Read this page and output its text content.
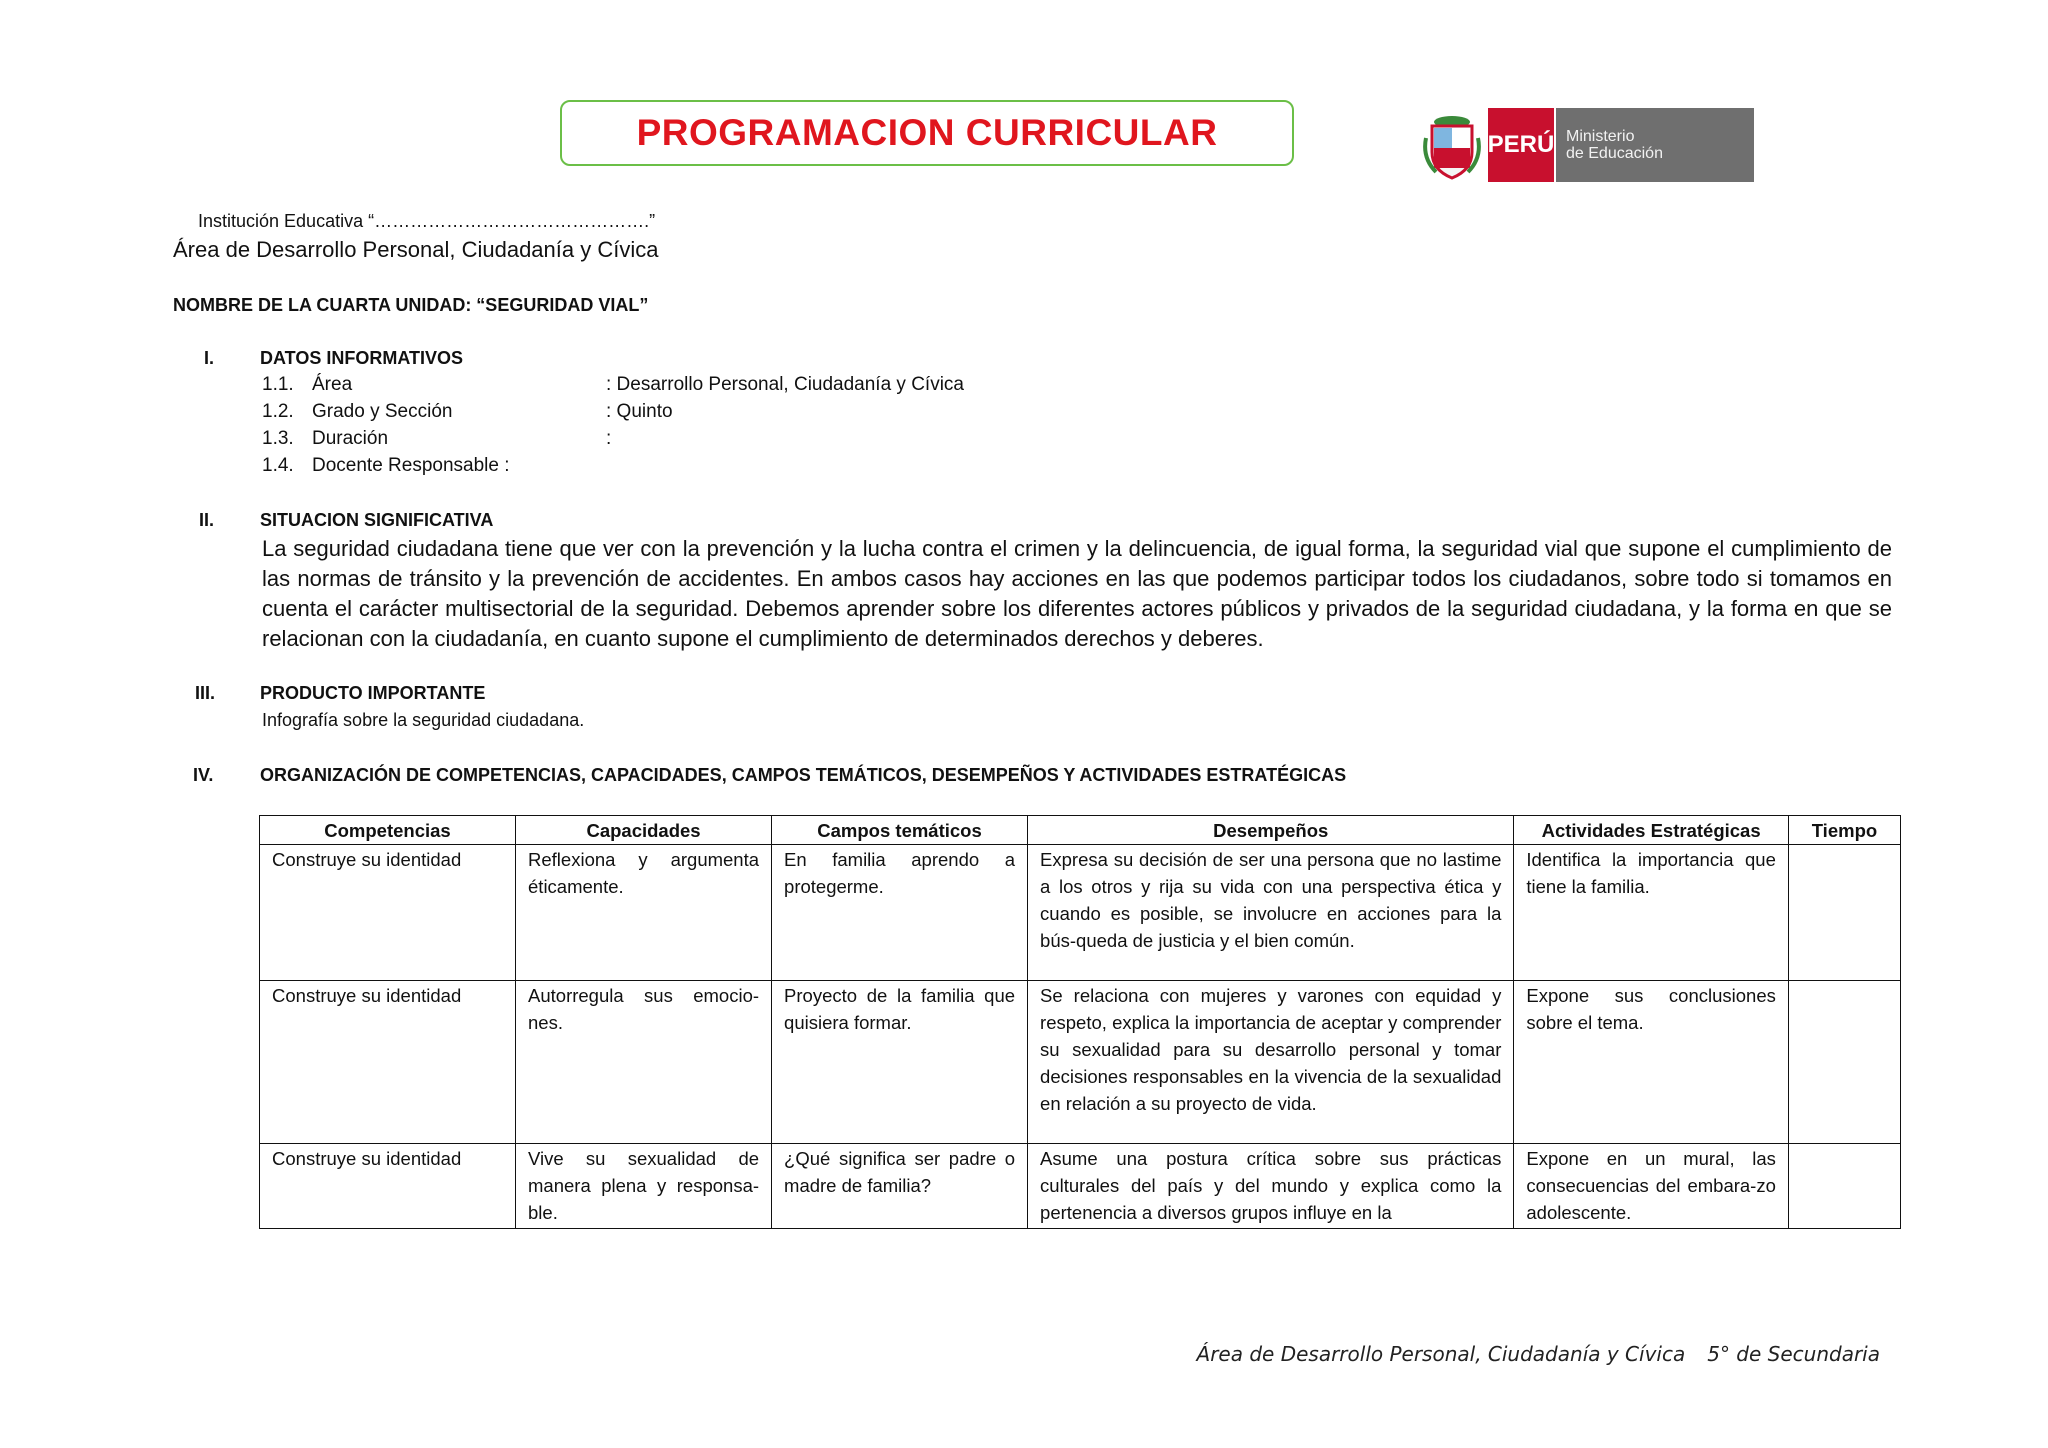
PROGRAMACION CURRICULAR	PERÚ Ministerio
de Educación
Institución Educativa “……………………………………….”
Área de Desarrollo Personal, Ciudadanía y Cívica
NOMBRE DE LA CUARTA UNIDAD: “SEGURIDAD VIAL”
I.	DATOS INFORMATIVOS
1.1. Área	: Desarrollo Personal, Ciudadanía y Cívica
1.2. Grado y Sección	: Quinto
1.3. Duración	:
1.4. Docente Responsable :
II.	SITUACION SIGNIFICATIVA
La seguridad ciudadana tiene que ver con la prevención y la lucha contra el crimen y la delincuencia, de igual forma, la seguridad vial que supone el cumplimiento de las normas de tránsito y la prevención de accidentes. En ambos casos hay acciones en las que podemos participar todos los ciudadanos, sobre todo si tomamos en cuenta el carácter multisectorial de la seguridad. Debemos aprender sobre los diferentes actores públicos y privados de la seguridad ciudadana, y la forma en que se relacionan con la ciudadanía, en cuanto supone el cumplimiento de determinados derechos y deberes.
III. PRODUCTO IMPORTANTE
Infografía sobre la seguridad ciudadana.
IV.	ORGANIZACIÓN DE COMPETENCIAS, CAPACIDADES, CAMPOS TEMÁTICOS, DESEMPEÑOS Y ACTIVIDADES ESTRATÉGICAS
Competencias	Capacidades	Campos temáticos	Desempeños	Actividades Estratégicas	Tiempo
Construye su identidad	Reflexiona y argumenta éticamente.	En familia aprendo a protegerme.	Expresa su decisión de ser una persona que no lastime a los otros y rija su vida con una perspectiva ética y cuando es posible, se involucre en acciones para la bús-queda de justicia y el bien común.	Identifica la importancia que tiene la familia.	
Construye su identidad	Autorregula sus emocio-nes.	Proyecto de la familia que quisiera formar.	Se relaciona con mujeres y varones con equidad y respeto, explica la importancia de aceptar y comprender su sexualidad para su desarrollo personal y tomar decisiones responsables en la vivencia de la sexualidad en relación a su proyecto de vida.	Expone sus conclusiones sobre el tema.	
Construye su identidad	Vive su sexualidad de manera plena y responsa-ble.	¿Qué significa ser padre o madre de familia?	Asume una postura crítica sobre sus prácticas culturales del país y del mundo y explica como la pertenencia a diversos grupos influye en la	Expone en un mural, las consecuencias del embara-zo adolescente.	
Área de Desarrollo Personal, Ciudadanía y Cívica 5° de Secundaria
